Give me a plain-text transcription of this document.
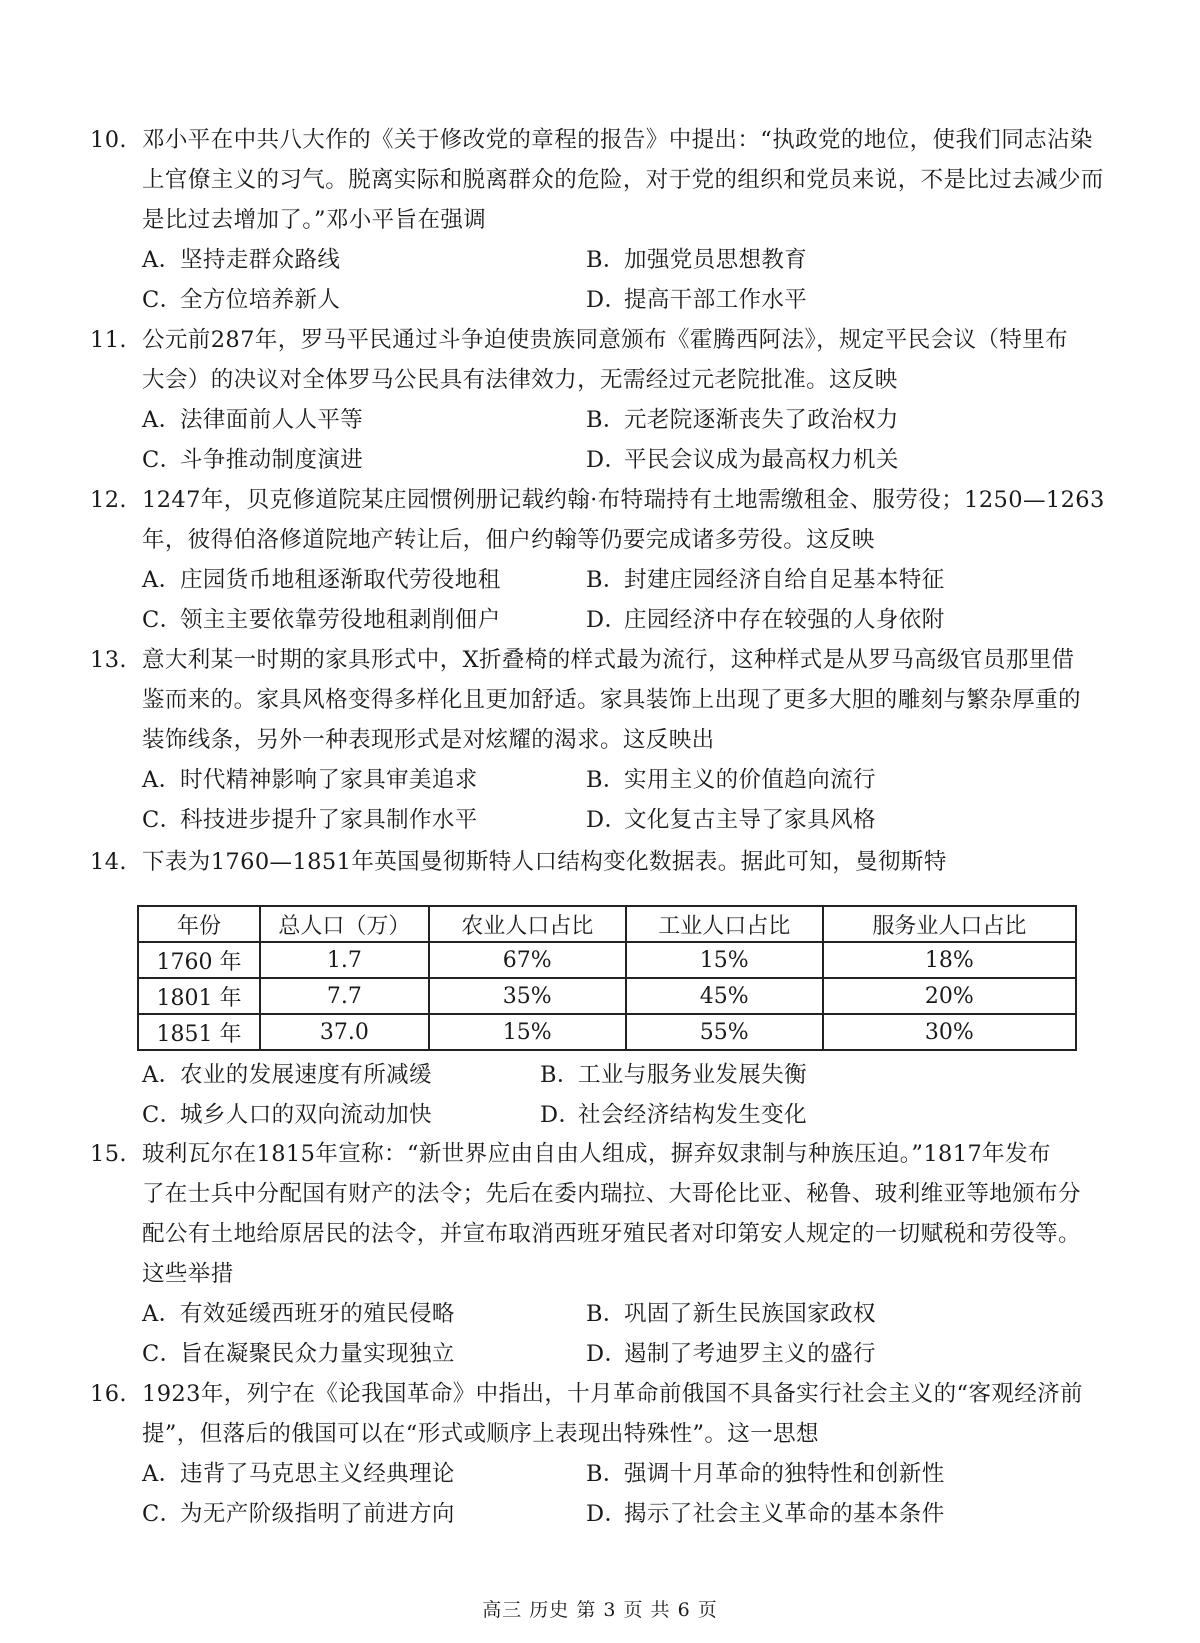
10. 邓小平在中共八大作的《关于修改党的章程的报告》中提出：“执政党的地位，使我们同志沾染
上官僚主义的习气。脱离实际和脱离群众的危险，对于党的组织和党员来说，不是比过去减少而
是比过去增加了。”邓小平旨在强调
A．坚持走群众路线	B．加强党员思想教育
C．全方位培养新人	D．提高干部工作水平
11. 公元前287年，罗马平民通过斗争迫使贵族同意颁布《霍腾西阿法》，规定平民会议（特里布
大会）的决议对全体罗马公民具有法律效力，无需经过元老院批准。这反映
A．法律面前人人平等	B．元老院逐渐丧失了政治权力
C．斗争推动制度演进	D．平民会议成为最高权力机关
12. 1247年，贝克修道院某庄园惯例册记载约翰·布特瑞持有土地需缴租金、服劳役；1250—1263
年，彼得伯洛修道院地产转让后，佃户约翰等仍要完成诸多劳役。这反映
A．庄园货币地租逐渐取代劳役地租	B．封建庄园经济自给自足基本特征
C．领主主要依靠劳役地租剥削佃户	D．庄园经济中存在较强的人身依附
13. 意大利某一时期的家具形式中，X折叠椅的样式最为流行，这种样式是从罗马高级官员那里借
鉴而来的。家具风格变得多样化且更加舒适。家具装饰上出现了更多大胆的雕刻与繁杂厚重的
装饰线条，另外一种表现形式是对炫耀的渴求。这反映出
A．时代精神影响了家具审美追求	B．实用主义的价值趋向流行
C．科技进步提升了家具制作水平	D．文化复古主导了家具风格
14. 下表为1760—1851年英国曼彻斯特人口结构变化数据表。据此可知，曼彻斯特
年份	总人口（万）	农业人口占比	工业人口占比	服务业人口占比
1760 年	1.7	67%	15%	18%
1801 年	7.7	35%	45%	20%
1851 年	37.0	15%	55%	30%
A．农业的发展速度有所减缓	B．工业与服务业发展失衡
C．城乡人口的双向流动加快	D．社会经济结构发生变化
15. 玻利瓦尔在1815年宣称：“新世界应由自由人组成，摒弃奴隶制与种族压迫。”1817年发布
了在士兵中分配国有财产的法令；先后在委内瑞拉、大哥伦比亚、秘鲁、玻利维亚等地颁布分
配公有土地给原居民的法令，并宣布取消西班牙殖民者对印第安人规定的一切赋税和劳役等。
这些举措
A．有效延缓西班牙的殖民侵略	B．巩固了新生民族国家政权
C．旨在凝聚民众力量实现独立	D．遏制了考迪罗主义的盛行
16. 1923年，列宁在《论我国革命》中指出，十月革命前俄国不具备实行社会主义的“客观经济前
提”，但落后的俄国可以在“形式或顺序上表现出特殊性”。这一思想
A．违背了马克思主义经典理论	B．强调十月革命的独特性和创新性
C．为无产阶级指明了前进方向	D．揭示了社会主义革命的基本条件
高三 历史 第 3 页 共 6 页
